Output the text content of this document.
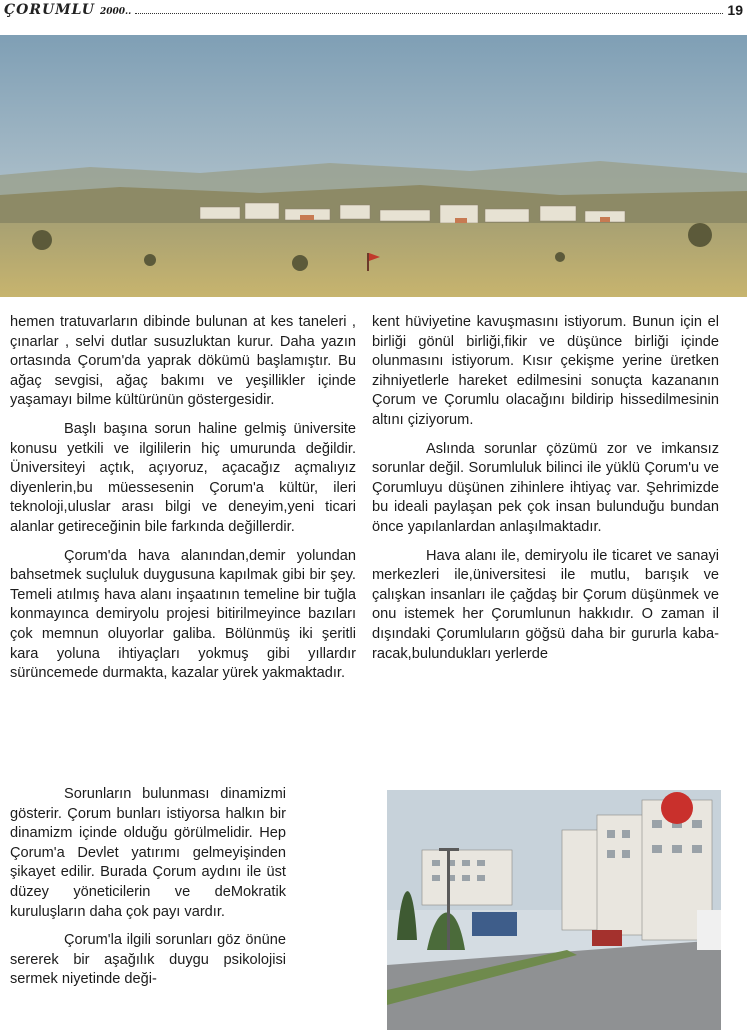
ÇORUMLU 2000..	19

hemen tratuvarların dibinde bulunan at kes taneleri , çınarlar , selvi dutlar susuzluktan kurur. Daha yazın ortasında Çorum'da yaprak dökümü başlamıştır. Bu ağaç sevgisi, ağaç bakımı ve yeşillikler içinde yaşamayı bilme kültürünün göstergesidir.

Başlı başına sorun haline gelmiş üniversite konusu yetkili ve ilgililerin hiç umurunda değildir. Üniversiteyi açtık, açıyoruz, açacağız açmalıyız diyenlerin,bu müessesenin Çorum'a kültür, ileri teknoloji,uluslar arası bilgi ve deneyim,yeni ticari alanlar getireceğinin bile farkında değillerdir.

Çorum'da hava alanından,demir yolundan bahsetmek suçluluk duygusuna kapılmak gibi bir şey. Temeli atılmış hava alanı inşaatının temeline bir tuğla konmayınca demiryolu projesi bitirilmeyince bazıları çok memnun oluyorlar galiba. Bölünmüş iki şeritli kara yoluna ihtiyaçları yokmuş gibi yıllardır sürüncemede durmakta, kazalar yürek yakmaktadır.

Sorunların bulunması dinamizmi gösterir. Çorum bunları istiyorsa halkın bir dinamizm içinde olduğu görülmelidir. Hep Çorum'a Devlet yatırımı gelmeyişinden şikayet edilir. Burada Çorum aydını ile üst düzey yöneticilerin ve deMokratik kuruluşların daha çok payı vardır.

Çorum'la ilgili sorunları göz önüne sererek bir aşağılık duygu psikolojisi sermek niyetinde deği-

kent hüviyetine kavuşmasını istiyorum. Bunun için el birliği gönül birliği,fikir ve düşünce birliği içinde olunmasını istiyorum. Kısır çekişme yerine üretken zihniyetlerle hareket edilmesini sonuçta kazananın Çorum ve Çorumlu olacağını bildirip hissedilmesinin altını çiziyorum.

Aslında sorunlar çözümü zor ve imkansız sorunlar değil. Sorumluluk bilinci ile yüklü Çorum'u ve Çorumluyu düşünen zihinlere ihtiyaç var. Şehrimizde bu ideali paylaşan pek çok insan bulunduğu bundan önce yapılanlardan anlaşılmaktadır.

Hava alanı ile, demiryolu ile ticaret ve sanayi merkezleri ile,üniversitesi ile mutlu, barışık ve çalışkan insanları ile çağdaş bir Çorum düşünmek ve onu istemek her Çorumlunun hakkıdır. O zaman il dışındaki Çorumluların göğsü daha bir gururla kaba-racak,bulundukları yerlerde
